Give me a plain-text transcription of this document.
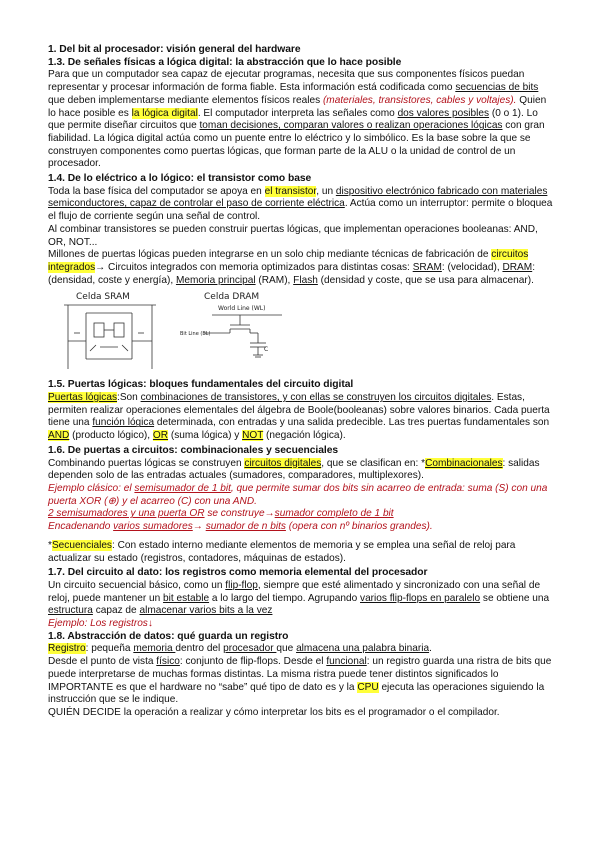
1. Del bit al procesador: visión general del hardware
1.3. De señales físicas a lógica digital: la abstracción que lo hace posible

Para que un computador sea capaz de ejecutar programas, necesita que sus componentes físicos puedan representar y procesar información de forma fiable. Esta información está codificada como secuencias de bits que deben implementarse mediante elementos físicos reales (materiales, transistores, cables y voltajes). Quien lo hace posible es la lógica digital. El computador interpreta las señales como dos valores posibles (0 o 1). Lo que permite diseñar circuitos que toman decisiones, comparan valores o realizan operaciones lógicas con gran fiabilidad. La lógica digital actúa como un puente entre lo eléctrico y lo simbólico. Es la base sobre la que se construyen componentes como puertas lógicas, que forman parte de la ALU o la unidad de control de un procesador.

1.4. De lo eléctrico a lo lógico: el transistor como base

Toda la base física del computador se apoya en el transistor, un dispositivo electrónico fabricado con materiales semiconductores, capaz de controlar el paso de corriente eléctrica. Actúa como un interruptor: permite o bloquea el flujo de corriente según una señal de control.

Al combinar transistores se pueden construir puertas lógicas, que implementan operaciones booleanas: AND, OR, NOT...

Millones de puertas lógicas pueden integrarse en un solo chip mediante técnicas de fabricación de circuitos integrados→ Circuitos integrados con memoria optimizados para distintas cosas: SRAM: (velocidad), DRAM: (densidad, coste y energía), Memoria principal (RAM), Flash (densidad y coste, que se usa para almacenar).

Celda SRAM	Celda DRAM
World Line (WL)
Bit Line (BL)
C
1.5. Puertas lógicas: bloques fundamentales del circuito digital

Puertas lógicas:Son combinaciones de transistores, y con ellas se construyen los circuitos digitales. Estas, permiten realizar operaciones elementales del álgebra de Boole(booleanas) sobre valores binarios. Cada puerta tiene una función lógica determinada, con entradas y una salida predecible. Las tres puertas fundamentales son AND (producto lógico), OR (suma lógica) y NOT (negación lógica).

1.6. De puertas a circuitos: combinacionales y secuenciales

Combinando puertas lógicas se construyen circuitos digitales, que se clasifican en: *Combinacionales: salidas dependen solo de las entradas actuales (sumadores, comparadores, multiplexores).

Ejemplo clásico: el semisumador de 1 bit, que permite sumar dos bits sin acarreo de entrada: suma (S) con una puerta XOR (⊕) y el acarreo (C) con una AND.

2 semisumadores y una puerta OR se construye→sumador completo de 1 bit

Encadenando varios sumadores→ sumador de n bits (opera con nº binarios grandes).

*Secuenciales: Con estado interno mediante elementos de memoria y se emplea una señal de reloj para actualizar su estado (registros, contadores, máquinas de estados).

1.7. Del circuito al dato: los registros como memoria elemental del procesador

Un circuito secuencial básico, como un flip-flop, siempre que esté alimentado y sincronizado con una señal de reloj, puede mantener un bit estable a lo largo del tiempo. Agrupando varios flip-flops en paralelo se obtiene una estructura capaz de almacenar varios bits a la vez

Ejemplo: Los registros↓

1.8. Abstracción de datos: qué guarda un registro

Registro: pequeña memoria dentro del procesador que almacena una palabra binaria.

Desde el punto de vista físico: conjunto de flip-flops. Desde el funcional: un registro guarda una ristra de bits que puede interpretarse de muchas formas distintas. La misma ristra puede tener distintos significados lo IMPORTANTE es que el hardware no “sabe” qué tipo de dato es y la CPU ejecuta las operaciones siguiendo la instrucción que se le indique.

QUIÉN DECIDE la operación a realizar y cómo interpretar los bits es el programador o el compilador.
